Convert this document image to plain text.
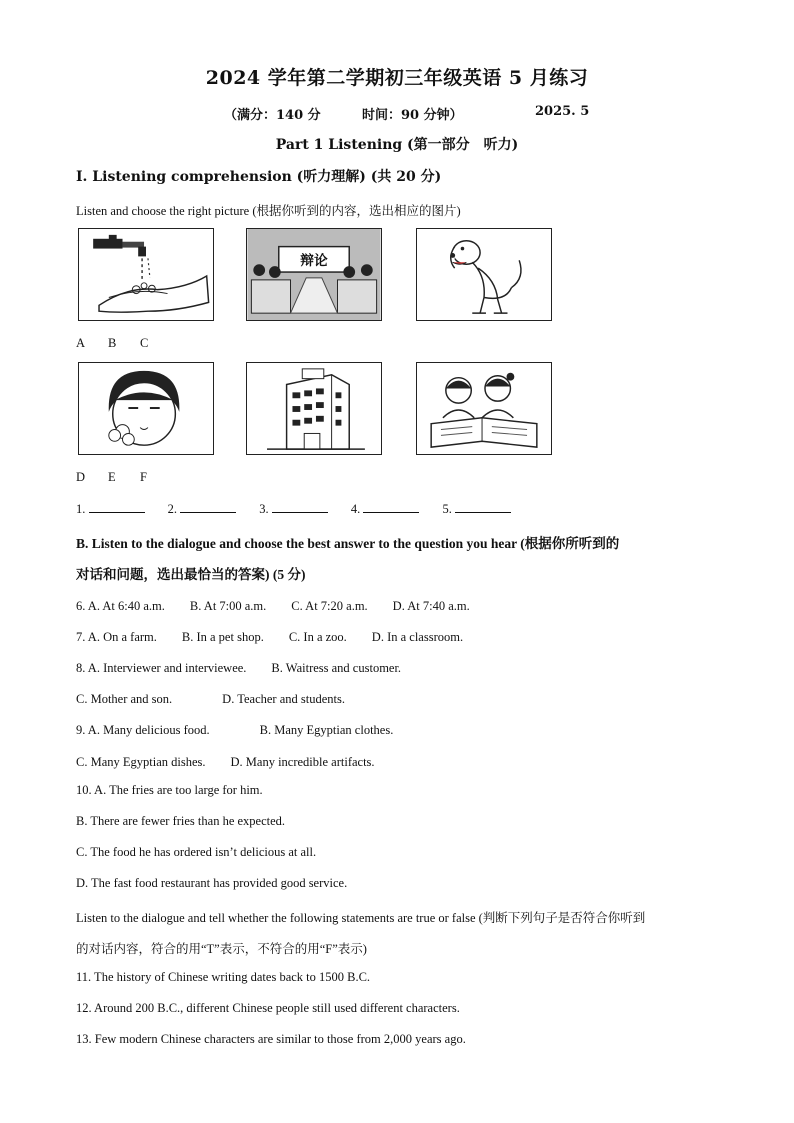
2024 学年第二学期初三年级英语 5 月练习
（满分：140 分	时间：90 分钟）	2025. 5
Part 1 Listening (第一部分　听力)
Ⅰ. Listening comprehension (听力理解) (共 20 分)
Listen and choose the right picture (根据你听到的内容，选出相应的图片)
辩论
A B C
D E F
1.	2.	3.	4.	5.
B. Listen to the dialogue and choose the best answer to the question you hear (根据你所听到的
对话和问题，选出最恰当的答案) (5 分)
6. A. At 6:40 a.m.　　B. At 7:00 a.m.　　C. At 7:20 a.m.　　D. At 7:40 a.m.
7. A. On a farm.　　B. In a pet shop.　　C. In a zoo.　　D. In a classroom.
8. A. Interviewer and interviewee.　　B. Waitress and customer.
C. Mother and son.　　　　D. Teacher and students.
9. A. Many delicious food.　　　　B. Many Egyptian clothes.
C. Many Egyptian dishes.　　D. Many incredible artifacts.
10. A. The fries are too large for him.
B. There are fewer fries than he expected.
C. The food he has ordered isn’t delicious at all.
D. The fast food restaurant has provided good service.
Listen to the dialogue and tell whether the following statements are true or false (判断下列句子是否符合你听到
的对话内容，符合的用“T”表示，不符合的用“F”表示)
11. The history of Chinese writing dates back to 1500 B.C.
12. Around 200 B.C., different Chinese people still used different characters.
13. Few modern Chinese characters are similar to those from 2,000 years ago.
